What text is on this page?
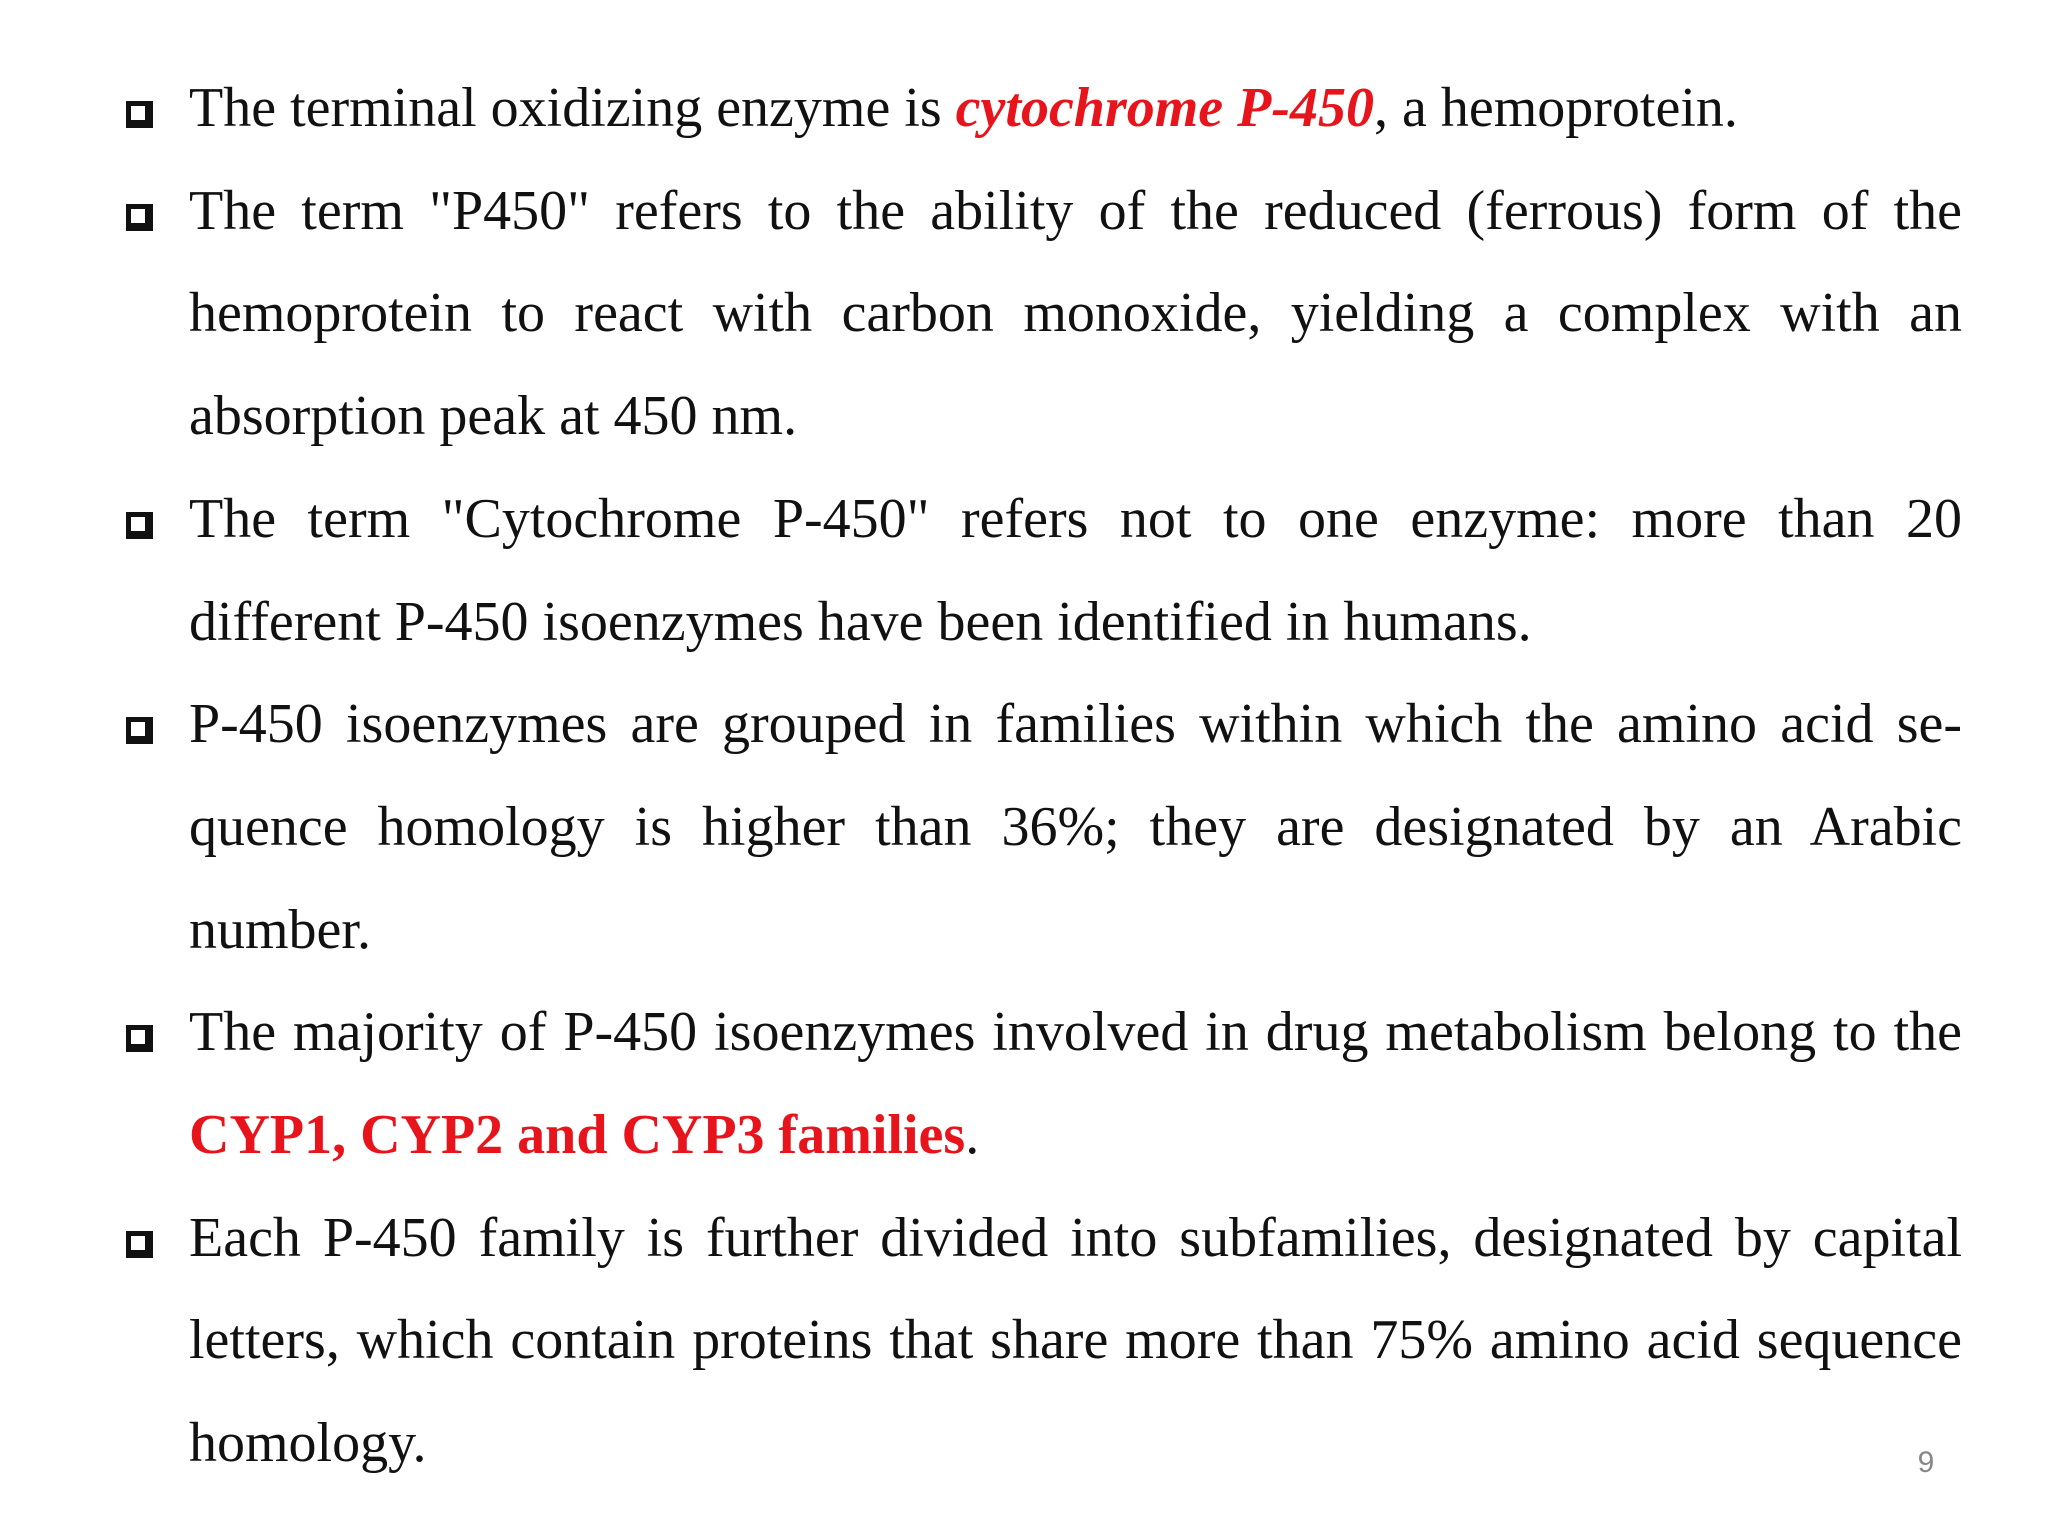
The terminal oxidizing enzyme is cytochrome P-450, a hemoprotein.
The term "P450" refers to the ability of the reduced (ferrous) form of the hemoprotein to react with carbon monoxide, yielding a complex with an absorption peak at 450 nm.
The term "Cytochrome P-450" refers not to one enzyme: more than 20 different P-450 isoenzymes have been identified in humans.
P-450 isoenzymes are grouped in families within which the amino acid se-quence homology is higher than 36%; they are designated by an Arabic number.
The majority of P-450 isoenzymes involved in drug metabolism belong to the CYP1, CYP2 and CYP3 families.
Each P-450 family is further divided into subfamilies, designated by capital letters, which contain proteins that share more than 75% amino acid sequence homology.	9
